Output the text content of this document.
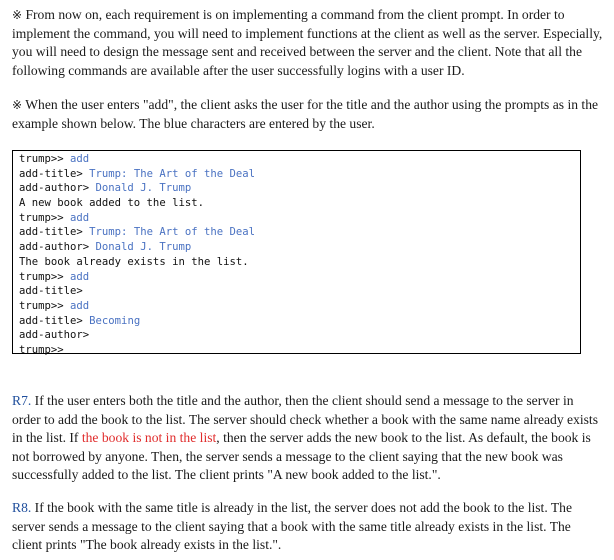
※ From now on, each requirement is on implementing a command from the client prompt. In order to implement the command, you will need to implement functions at the client as well as the server. Especially, you will need to design the message sent and received between the server and the client. Note that all the following commands are available after the user successfully logins with a user ID.

※ When the user enters "add", the client asks the user for the title and the author using the prompts as in the example shown below. The blue characters are entered by the user.

trump>> add
add-title> Trump: The Art of the Deal
add-author> Donald J. Trump
A new book added to the list.
trump>> add
add-title> Trump: The Art of the Deal
add-author> Donald J. Trump
The book already exists in the list.
trump>> add
add-title>
trump>> add
add-title> Becoming
add-author>
trump>>

R7. If the user enters both the title and the author, then the client should send a message to the server in order to add the book to the list. The server should check whether a book with the same name already exists in the list. If the book is not in the list, then the server adds the new book to the list. As default, the book is not borrowed by anyone. Then, the server sends a message to the client saying that the new book was successfully added to the list. The client prints "A new book added to the list.".

R8. If the book with the same title is already in the list, the server does not add the book to the list. The server sends a message to the client saying that a book with the same title already exists in the list. The client prints "The book already exists in the list.".
